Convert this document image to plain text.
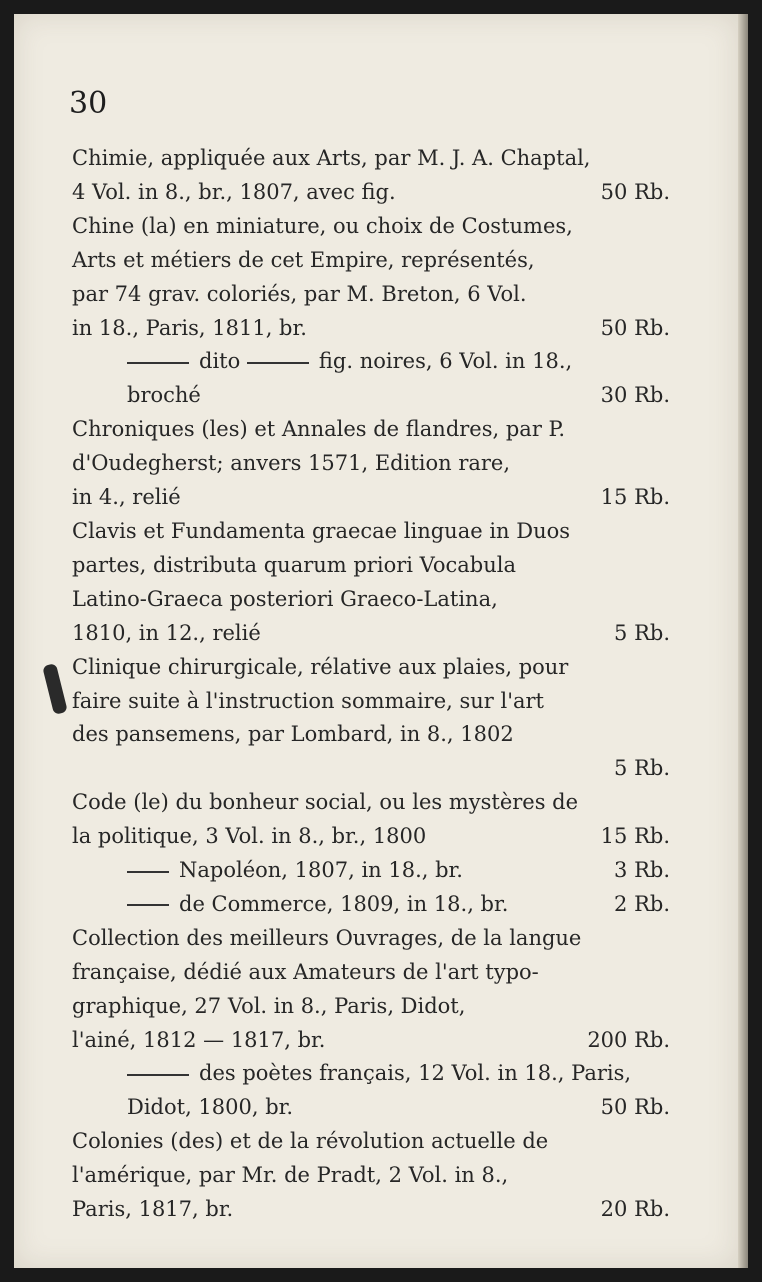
30
Chimie, appliquée aux Arts, par M. J. A. Chaptal,
4 Vol. in 8., br., 1807, avec fig.	50 Rb.
Chine (la) en miniature, ou choix de Costumes,
Arts et métiers de cet Empire, représentés,
par 74 grav. coloriés, par M. Breton, 6 Vol.
in 18., Paris, 1811, br.	50 Rb.
dito	fig. noires, 6 Vol. in 18.,
broché	30 Rb.
Chroniques (les) et Annales de flandres, par P.
d'Oudegherst; anvers 1571, Edition rare,
in 4., relié	15 Rb.
Clavis et Fundamenta graecae linguae in Duos
partes, distributa quarum priori Vocabula
Latino-Graeca posteriori Graeco-Latina,
1810, in 12., relié	5 Rb.
Clinique chirurgicale, rélative aux plaies, pour
faire suite à l'instruction sommaire, sur l'art
des pansemens, par Lombard, in 8., 1802
5 Rb.
Code (le) du bonheur social, ou les mystères de
la politique, 3 Vol. in 8., br., 1800	15 Rb.
Napoléon, 1807, in 18., br.	3 Rb.
de Commerce, 1809, in 18., br.	2 Rb.
Collection des meilleurs Ouvrages, de la langue
française, dédié aux Amateurs de l'art typo-
graphique, 27 Vol. in 8., Paris, Didot,
l'ainé, 1812 — 1817, br.	200 Rb.
des poètes français, 12 Vol. in 18., Paris,
Didot, 1800, br.	50 Rb.
Colonies (des) et de la révolution actuelle de
l'amérique, par Mr. de Pradt, 2 Vol. in 8.,
Paris, 1817, br.	20 Rb.
